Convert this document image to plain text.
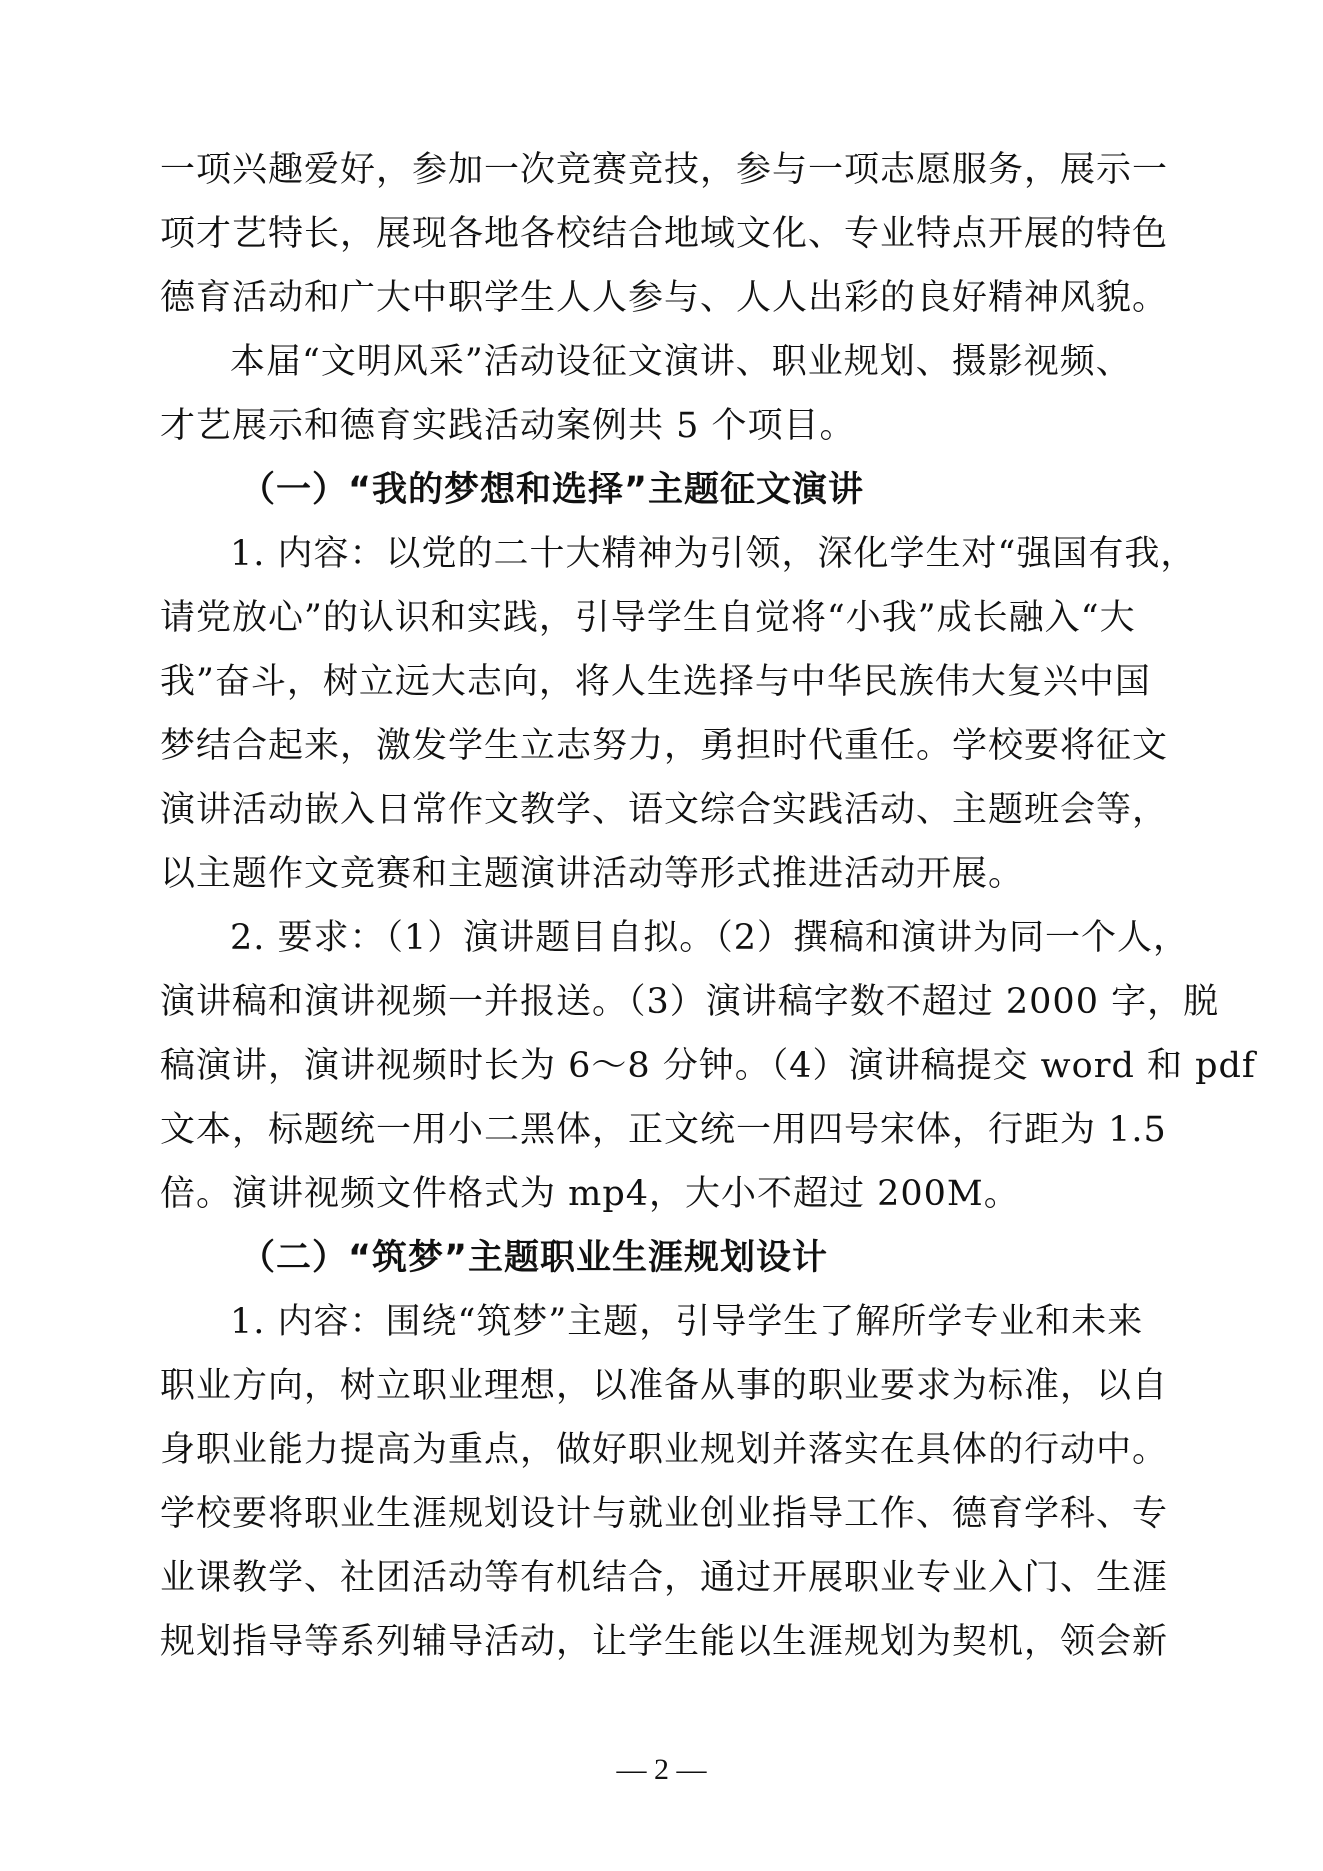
一项兴趣爱好，参加一次竞赛竞技，参与一项志愿服务，展示一
项才艺特长，展现各地各校结合地域文化、专业特点开展的特色
德育活动和广大中职学生人人参与、人人出彩的良好精神风貌。
本届“文明风采”活动设征文演讲、职业规划、摄影视频、
才艺展示和德育实践活动案例共 5 个项目。
（一）“我的梦想和选择”主题征文演讲
1. 内容：以党的二十大精神为引领，深化学生对“强国有我，
请党放心”的认识和实践，引导学生自觉将“小我”成长融入“大
我”奋斗，树立远大志向，将人生选择与中华民族伟大复兴中国
梦结合起来，激发学生立志努力，勇担时代重任。学校要将征文
演讲活动嵌入日常作文教学、语文综合实践活动、主题班会等，
以主题作文竞赛和主题演讲活动等形式推进活动开展。
2. 要求：（1）演讲题目自拟。（2）撰稿和演讲为同一个人，
演讲稿和演讲视频一并报送。（3）演讲稿字数不超过 2000 字，脱
稿演讲，演讲视频时长为 6～8 分钟。（4）演讲稿提交 word 和 pdf
文本，标题统一用小二黑体，正文统一用四号宋体，行距为 1.5
倍。演讲视频文件格式为 mp4，大小不超过 200M。
（二）“筑梦”主题职业生涯规划设计
1. 内容：围绕“筑梦”主题，引导学生了解所学专业和未来
职业方向，树立职业理想，以准备从事的职业要求为标准，以自
身职业能力提高为重点，做好职业规划并落实在具体的行动中。
学校要将职业生涯规划设计与就业创业指导工作、德育学科、专
业课教学、社团活动等有机结合，通过开展职业专业入门、生涯
规划指导等系列辅导活动，让学生能以生涯规划为契机，领会新
— 2 —
